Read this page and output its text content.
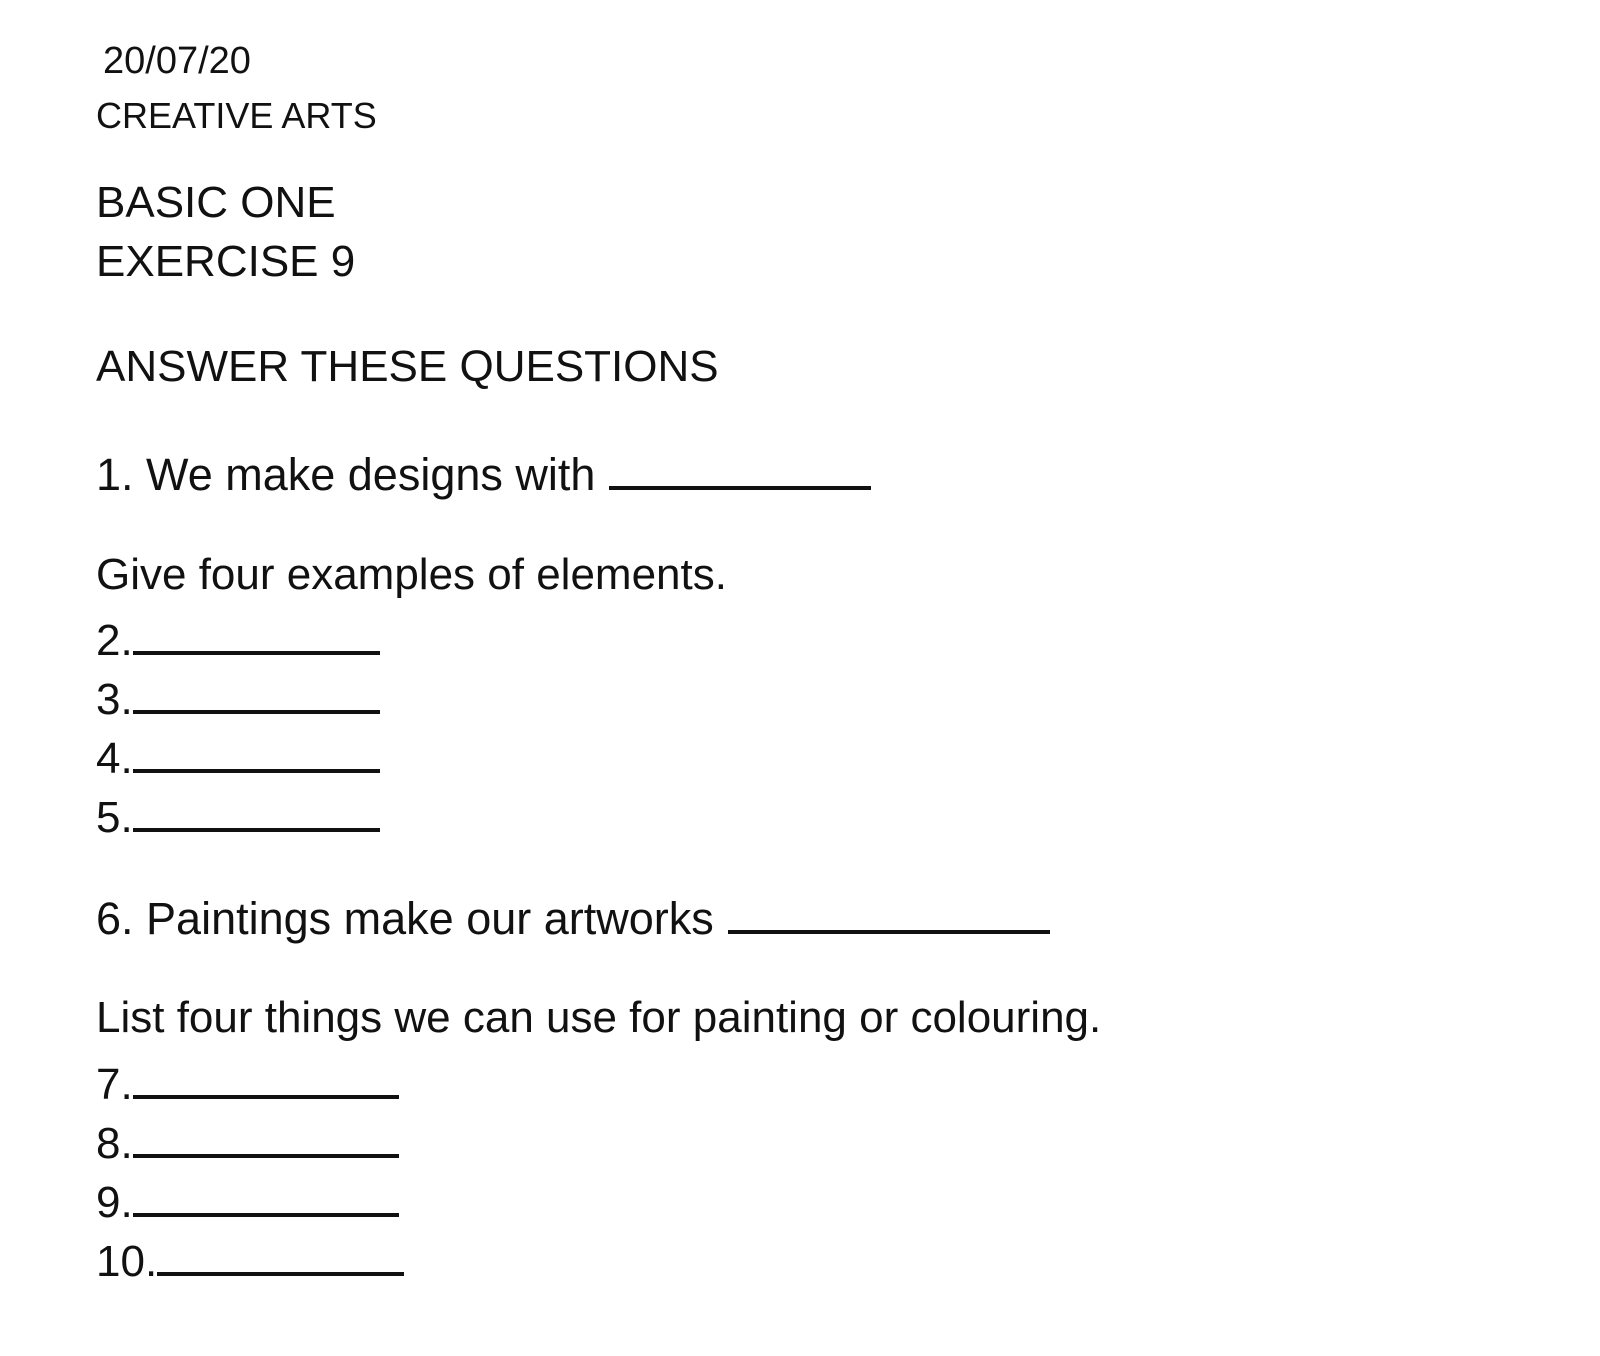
20/07/20
CREATIVE ARTS
BASIC ONE
EXERCISE 9
ANSWER THESE QUESTIONS
1. We make designs with
Give four examples of elements.
2.
3.
4.
5.
6. Paintings make our artworks
List four things we can use for painting or colouring.
7.
8.
9.
10.
